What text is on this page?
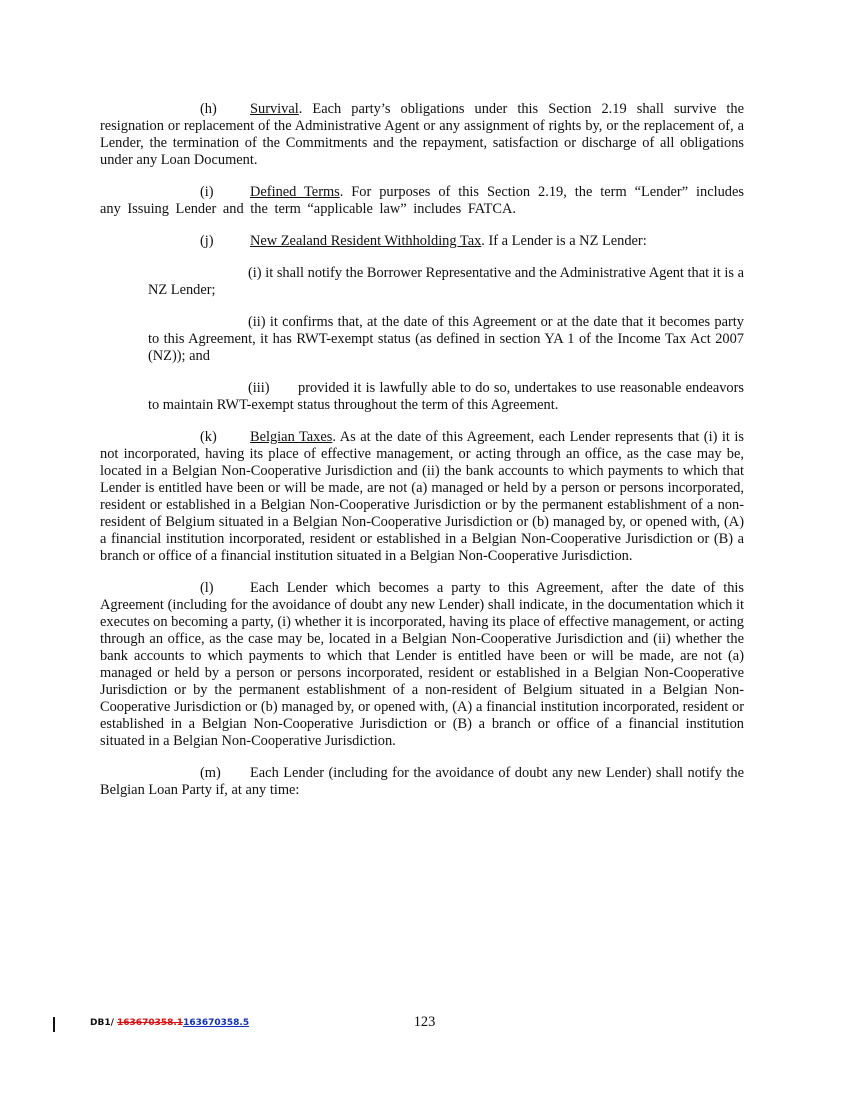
(h) Survival. Each party’s obligations under this Section 2.19 shall survive the resignation or replacement of the Administrative Agent or any assignment of rights by, or the replacement of, a Lender, the termination of the Commitments and the repayment, satisfaction or discharge of all obligations under any Loan Document.

(i)	Defined Terms. For purposes of this Section 2.19, the term “Lender” includes any Issuing Lender and the term “applicable law” includes FATCA.

(j)	New Zealand Resident Withholding Tax. If a Lender is a NZ Lender:

(i) it shall notify the Borrower Representative and the Administrative Agent that it is a NZ Lender;

(ii) it confirms that, at the date of this Agreement or at the date that it becomes party to this Agreement, it has RWT-exempt status (as defined in section YA 1 of the Income Tax Act 2007 (NZ)); and

(iii) provided it is lawfully able to do so, undertakes to use reasonable endeavors to maintain RWT-exempt status throughout the term of this Agreement.

(k) Belgian Taxes. As at the date of this Agreement, each Lender represents that (i) it is not incorporated, having its place of effective management, or acting through an office, as the case may be, located in a Belgian Non-Cooperative Jurisdiction and (ii) the bank accounts to which payments to which that Lender is entitled have been or will be made, are not (a) managed or held by a person or persons incorporated, resident or established in a Belgian Non-Cooperative Jurisdiction or by the permanent establishment of a non-resident of Belgium situated in a Belgian Non-Cooperative Jurisdiction or (b) managed by, or opened with, (A) a financial institution incorporated, resident or established in a Belgian Non-Cooperative Jurisdiction or (B) a branch or office of a financial institution situated in a Belgian Non-Cooperative Jurisdiction.

(l)	Each Lender which becomes a party to this Agreement, after the date of this Agreement (including for the avoidance of doubt any new Lender) shall indicate, in the documentation which it executes on becoming a party, (i) whether it is incorporated, having its place of effective management, or acting through an office, as the case may be, located in a Belgian Non-Cooperative Jurisdiction and (ii) whether the bank accounts to which payments to which that Lender is entitled have been or will be made, are not (a) managed or held by a person or persons incorporated, resident or established in a Belgian Non-Cooperative Jurisdiction or by the permanent establishment of a non-resident of Belgium situated in a Belgian Non-Cooperative Jurisdiction or (b) managed by, or opened with, (A) a financial institution incorporated, resident or established in a Belgian Non-Cooperative Jurisdiction or (B) a branch or office of a financial institution situated in a Belgian Non-Cooperative Jurisdiction.

(m) Each Lender (including for the avoidance of doubt any new Lender) shall notify the Belgian Loan Party if, at any time:

DB1/ 163670358.1163670358.5	123
